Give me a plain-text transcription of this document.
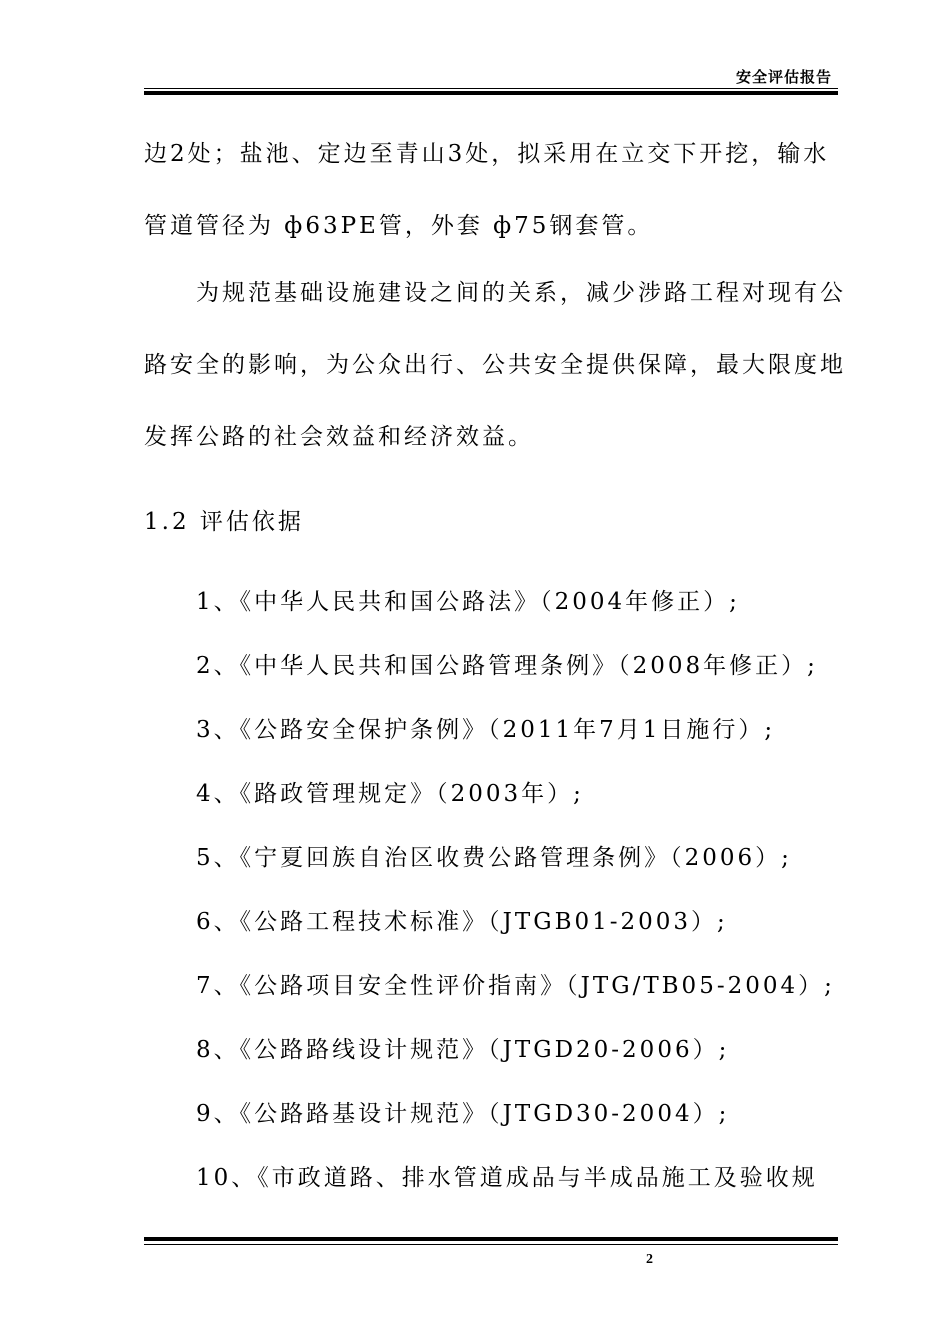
安全评估报告
边2处；盐池、定边至青山3处，拟采用在立交下开挖，输水
管道管径为 ф63PE管，外套 ф75钢套管。
为规范基础设施建设之间的关系，减少涉路工程对现有公
路安全的影响，为公众出行、公共安全提供保障，最大限度地
发挥公路的社会效益和经济效益。
1.2 评估依据
1、《中华人民共和国公路法》（2004年修正）;
2、《中华人民共和国公路管理条例》（2008年修正）;
3、《公路安全保护条例》（2011年7月1日施行）;
4、《路政管理规定》（2003年）;
5、《宁夏回族自治区收费公路管理条例》（2006）;
6、《公路工程技术标准》（JTGB01-2003）;
7、《公路项目安全性评价指南》（JTG/TB05-2004）;
8、《公路路线设计规范》（JTGD20-2006）;
9、《公路路基设计规范》（JTGD30-2004）;
10、《市政道路、排水管道成品与半成品施工及验收规
2
